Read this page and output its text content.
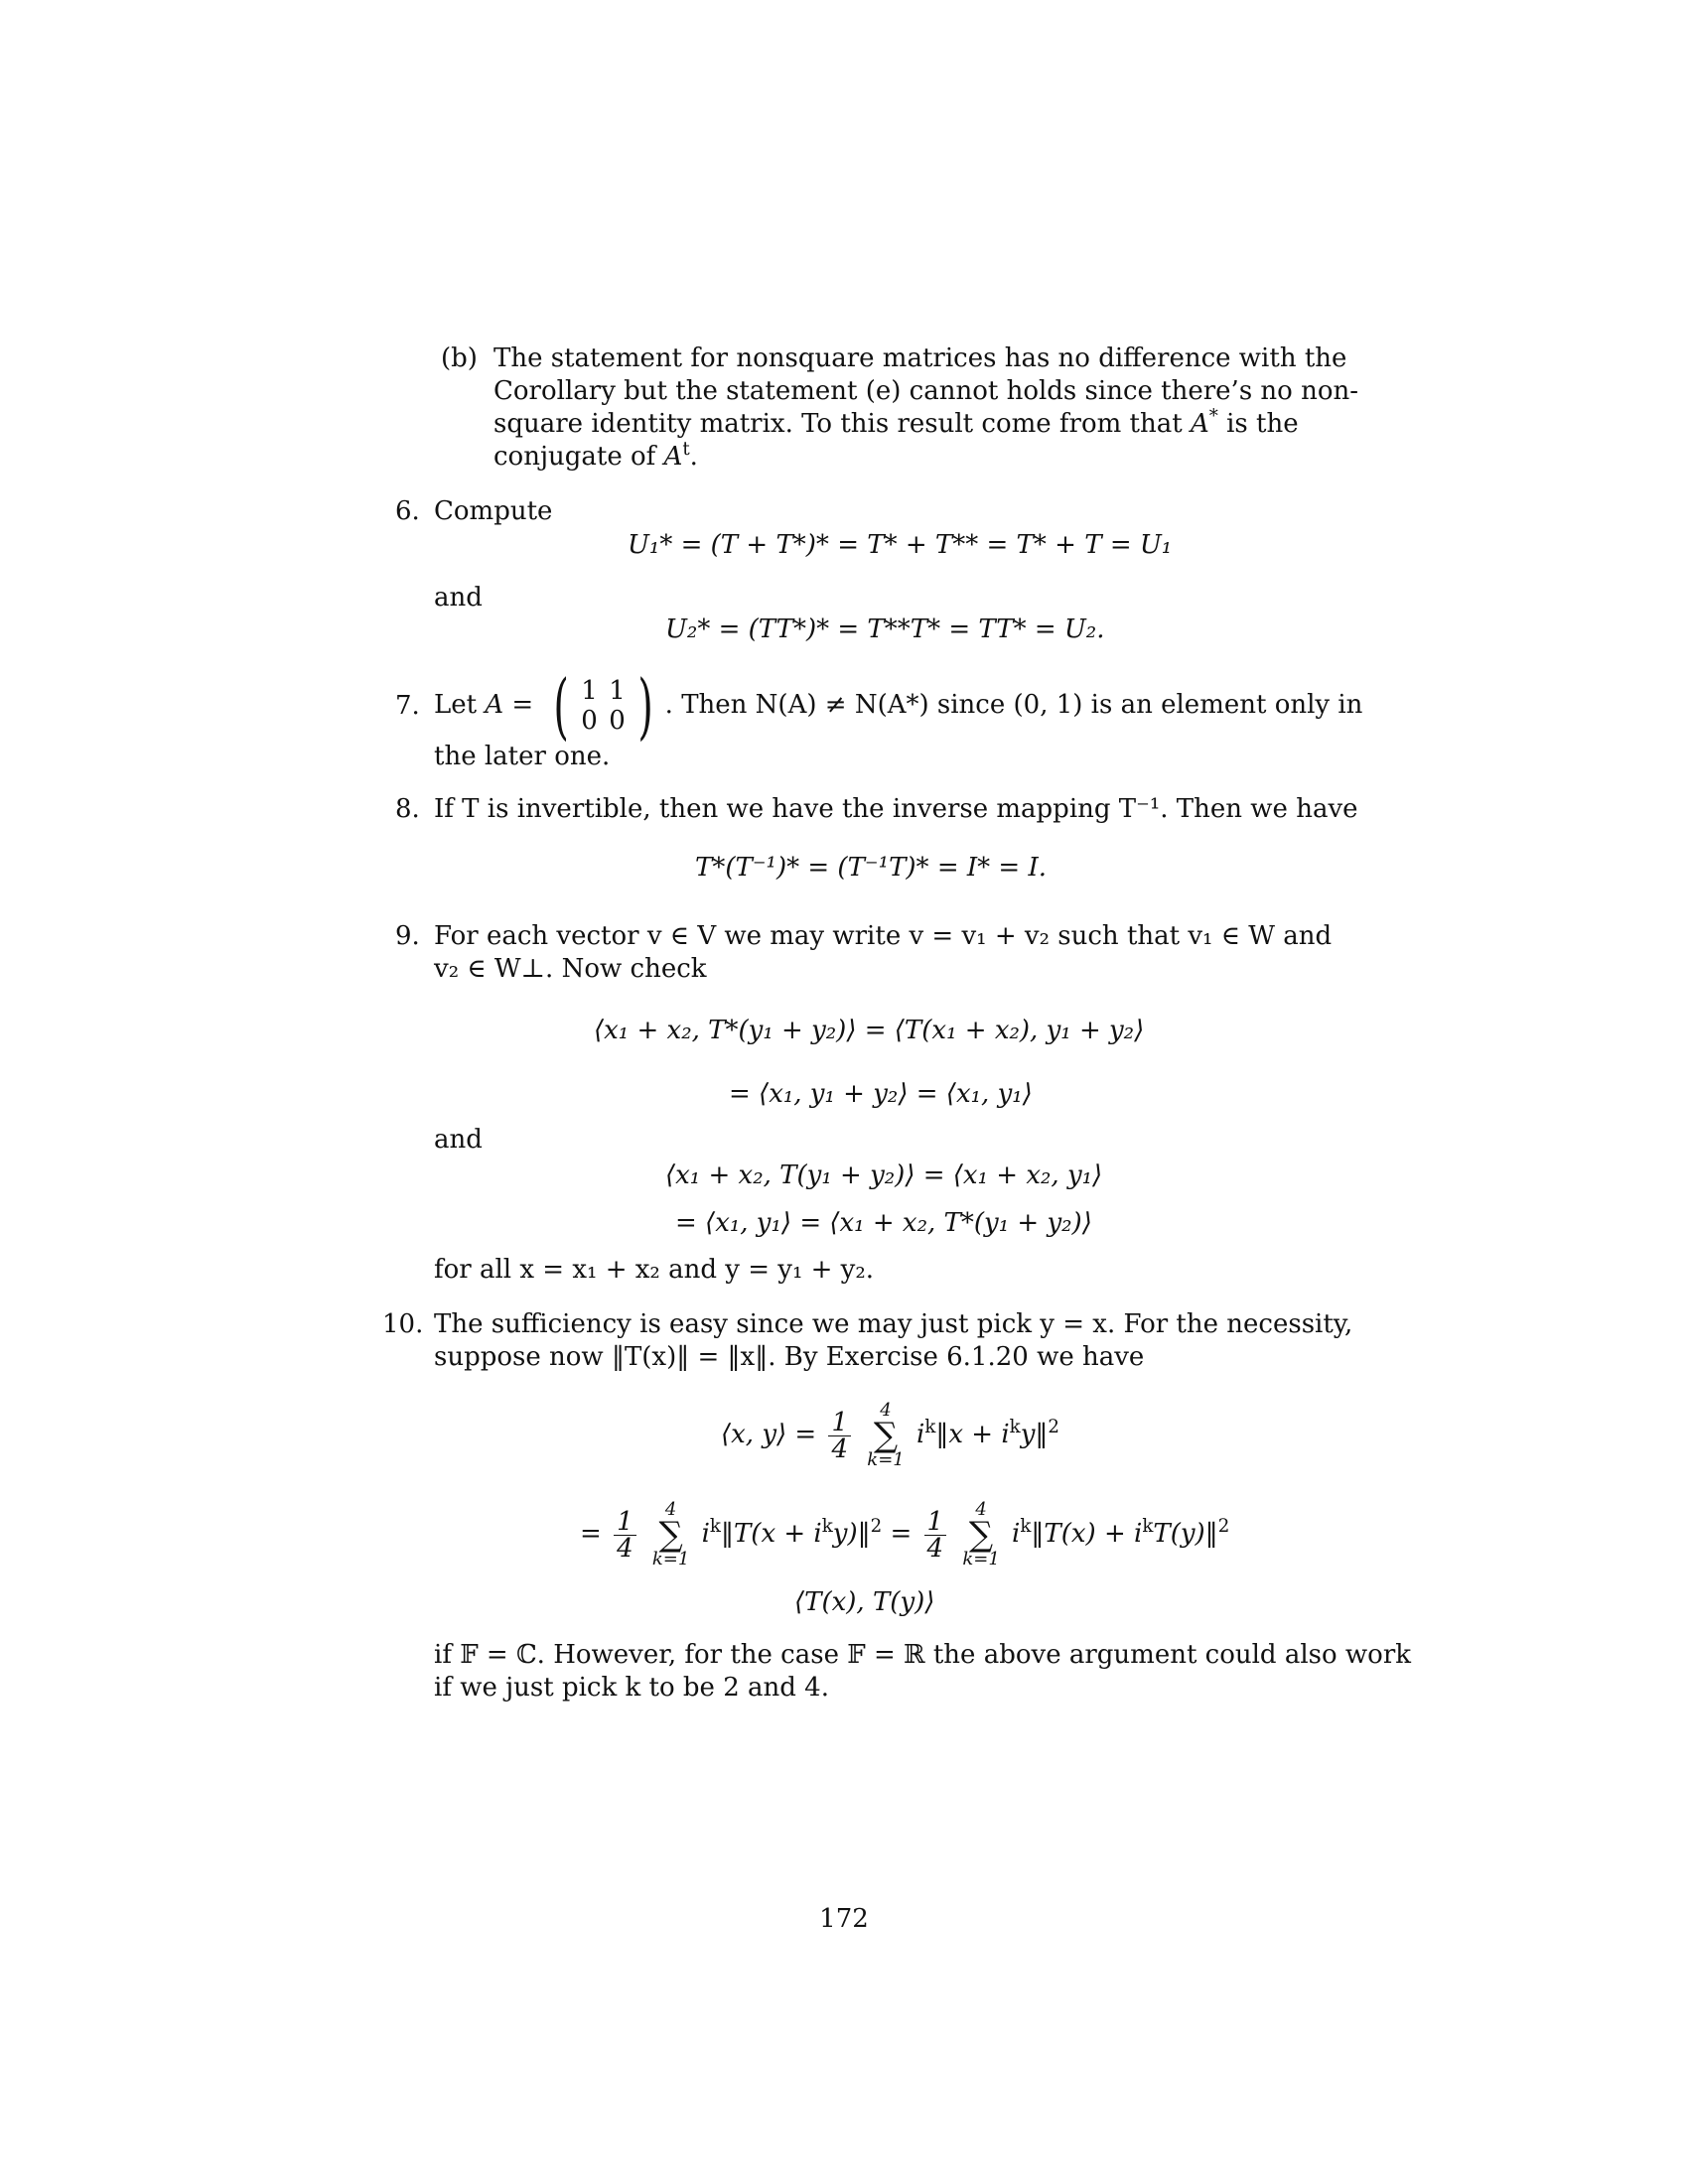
(b) The statement for nonsquare matrices has no difference with the
Corollary but the statement (e) cannot holds since there’s no non-
square identity matrix. To this result come from that A* is the
conjugate of $A^t$.
6. Compute
U₁* = (T + T*)* = T* + T** = T* + T = U₁
and
U₂* = (TT*)* = T**T* = TT* = U₂.
7. Let A = ( 1 1
0 0 ) . Then N(A) ≠ N(A*) since (0, 1) is an element only in
the later one.
8. If T is invertible, then we have the inverse mapping T⁻¹. Then we have
T*(T⁻¹)* = (T⁻¹T)* = I* = I.
9. For each vector v ∈ V we may write v = v₁ + v₂ such that v₁ ∈ W and
v₂ ∈ W⊥. Now check
⟨x₁ + x₂, T*(y₁ + y₂)⟩ = ⟨T(x₁ + x₂), y₁ + y₂⟩
= ⟨x₁, y₁ + y₂⟩ = ⟨x₁, y₁⟩
and
⟨x₁ + x₂, T(y₁ + y₂)⟩ = ⟨x₁ + x₂, y₁⟩
= ⟨x₁, y₁⟩ = ⟨x₁ + x₂, T*(y₁ + y₂)⟩
for all x = x₁ + x₂ and y = y₁ + y₂.
10. The sufficiency is easy since we may just pick y = x. For the necessity,
suppose now ‖T(x)‖ = ‖x‖. By Exercise 6.1.20 we have
⟨x, y⟩ = $\frac{1}{4}$
4
∑
k=1
$i^k‖x$ + $i^ky‖^2$
= $\frac{1}{4}$
4
∑
k=1
$i^k‖T(x$ + $i^ky)‖^2 = \frac{1}{4}$
4
∑
k=1
$i^k‖T(x)$ + $i^kT(y)‖^2$
⟨T(x), T(y)⟩
if 𝔽 = ℂ. However, for the case 𝔽 = ℝ the above argument could also work
if we just pick k to be 2 and 4.
172
